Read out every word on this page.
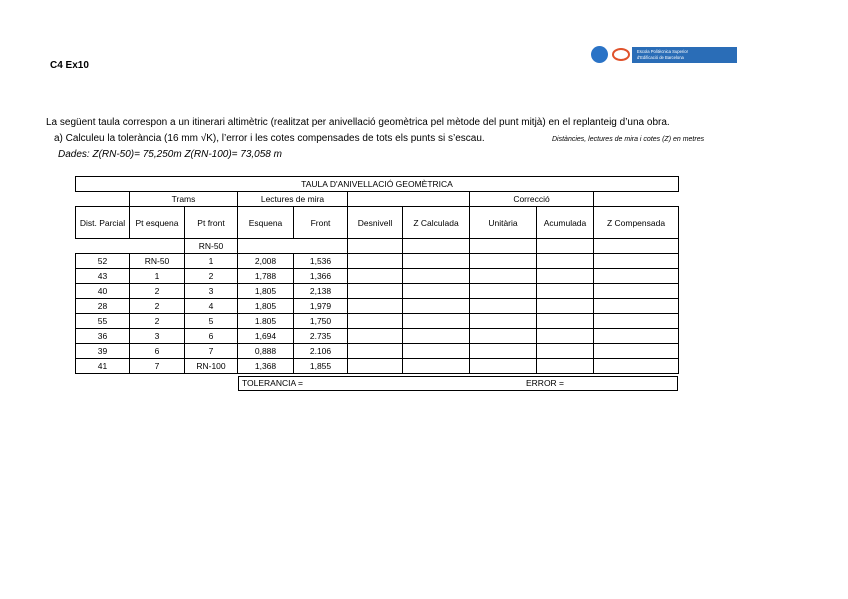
C4 Ex10
Escola Politècnica Superior
d'Edificació de Barcelona
La següent taula correspon a un itinerari altimètric (realitzat per anivellació geomètrica pel mètode del punt mitjà) en el replanteig d’una obra.
a) Calculeu la tolerància (16 mm √K), l’error i les cotes compensades de tots els punts si s’escau.	Distàncies, lectures de mira i cotes (Z) en metres
Dades: Z(RN-50)= 75,250m Z(RN-100)= 73,058 m
TAULA D'ANIVELLACIÓ GEOMÈTRICA									
	Trams		Lectures de mira				Correcció		
Dist. Parcial	Pt esquena	Pt front	Esquena	Front	Desnivell	Z Calculada	Unitària	Acumulada	Z Compensada
		RN-50							
52	RN-50	1	2,008	1,536					
43	1	2	1,788	1,366					
40	2	3	1,805	2,138					
28	2	4	1,805	1,979					
55	2	5	1.805	1,750					
36	3	6	1,694	2.735					
39	6	7	0,888	2.106					
41	7	RN-100	1,368	1,855					
TOLERANCIA =	ERROR =
